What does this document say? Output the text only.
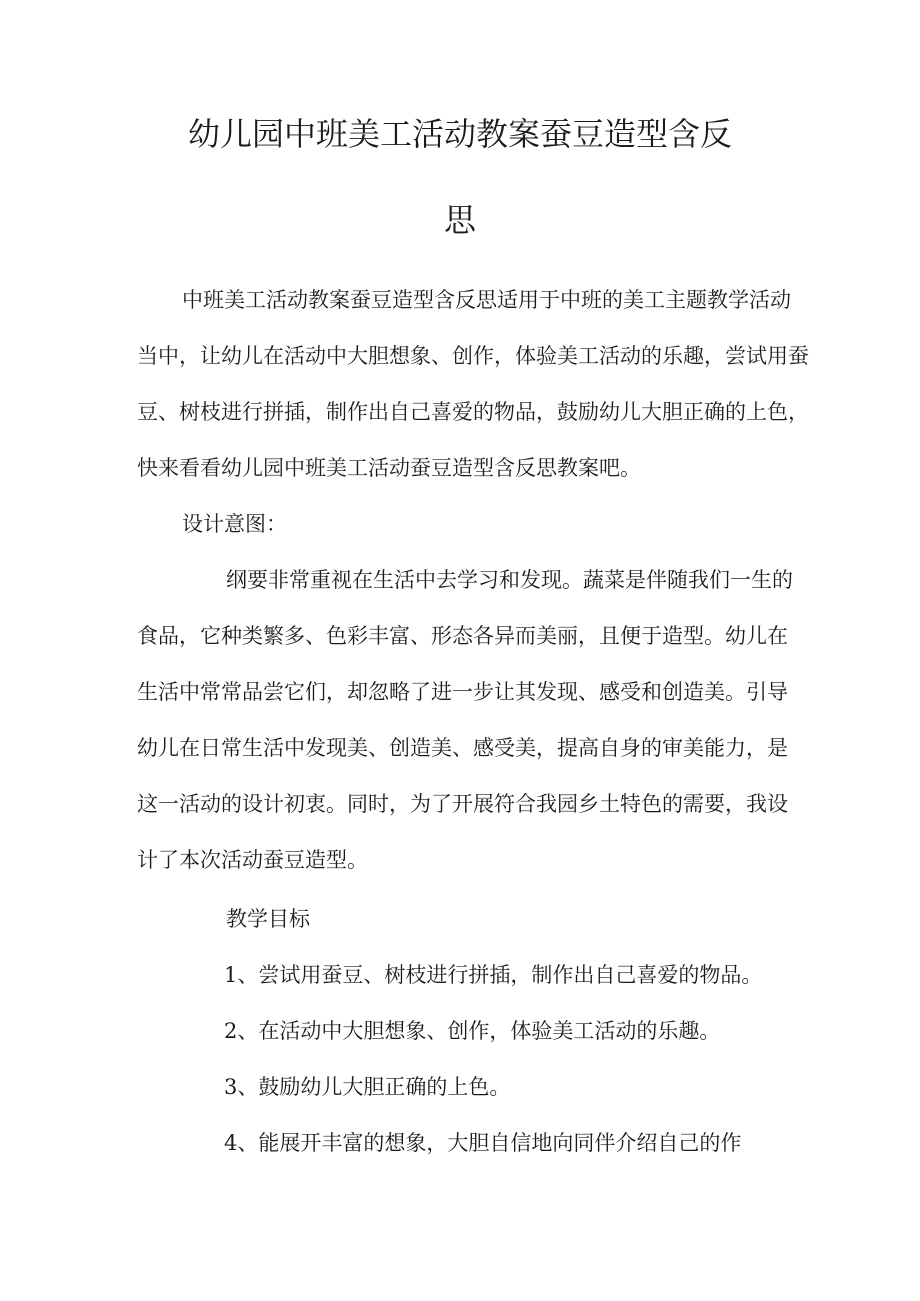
幼儿园中班美工活动教案蚕豆造型含反
思
中班美工活动教案蚕豆造型含反思适用于中班的美工主题教学活动
当中，让幼儿在活动中大胆想象、创作，体验美工活动的乐趣，尝试用蚕
豆、树枝进行拼插，制作出自己喜爱的物品，鼓励幼儿大胆正确的上色，
快来看看幼儿园中班美工活动蚕豆造型含反思教案吧。
设计意图：
纲要非常重视在生活中去学习和发现。蔬菜是伴随我们一生的
食品，它种类繁多、色彩丰富、形态各异而美丽，且便于造型。幼儿在
生活中常常品尝它们，却忽略了进一步让其发现、感受和创造美。引导
幼儿在日常生活中发现美、创造美、感受美，提高自身的审美能力，是
这一活动的设计初衷。同时，为了开展符合我园乡土特色的需要，我设
计了本次活动蚕豆造型。
教学目标
1、尝试用蚕豆、树枝进行拼插，制作出自己喜爱的物品。
2、在活动中大胆想象、创作，体验美工活动的乐趣。
3、鼓励幼儿大胆正确的上色。
4、能展开丰富的想象，大胆自信地向同伴介绍自己的作
